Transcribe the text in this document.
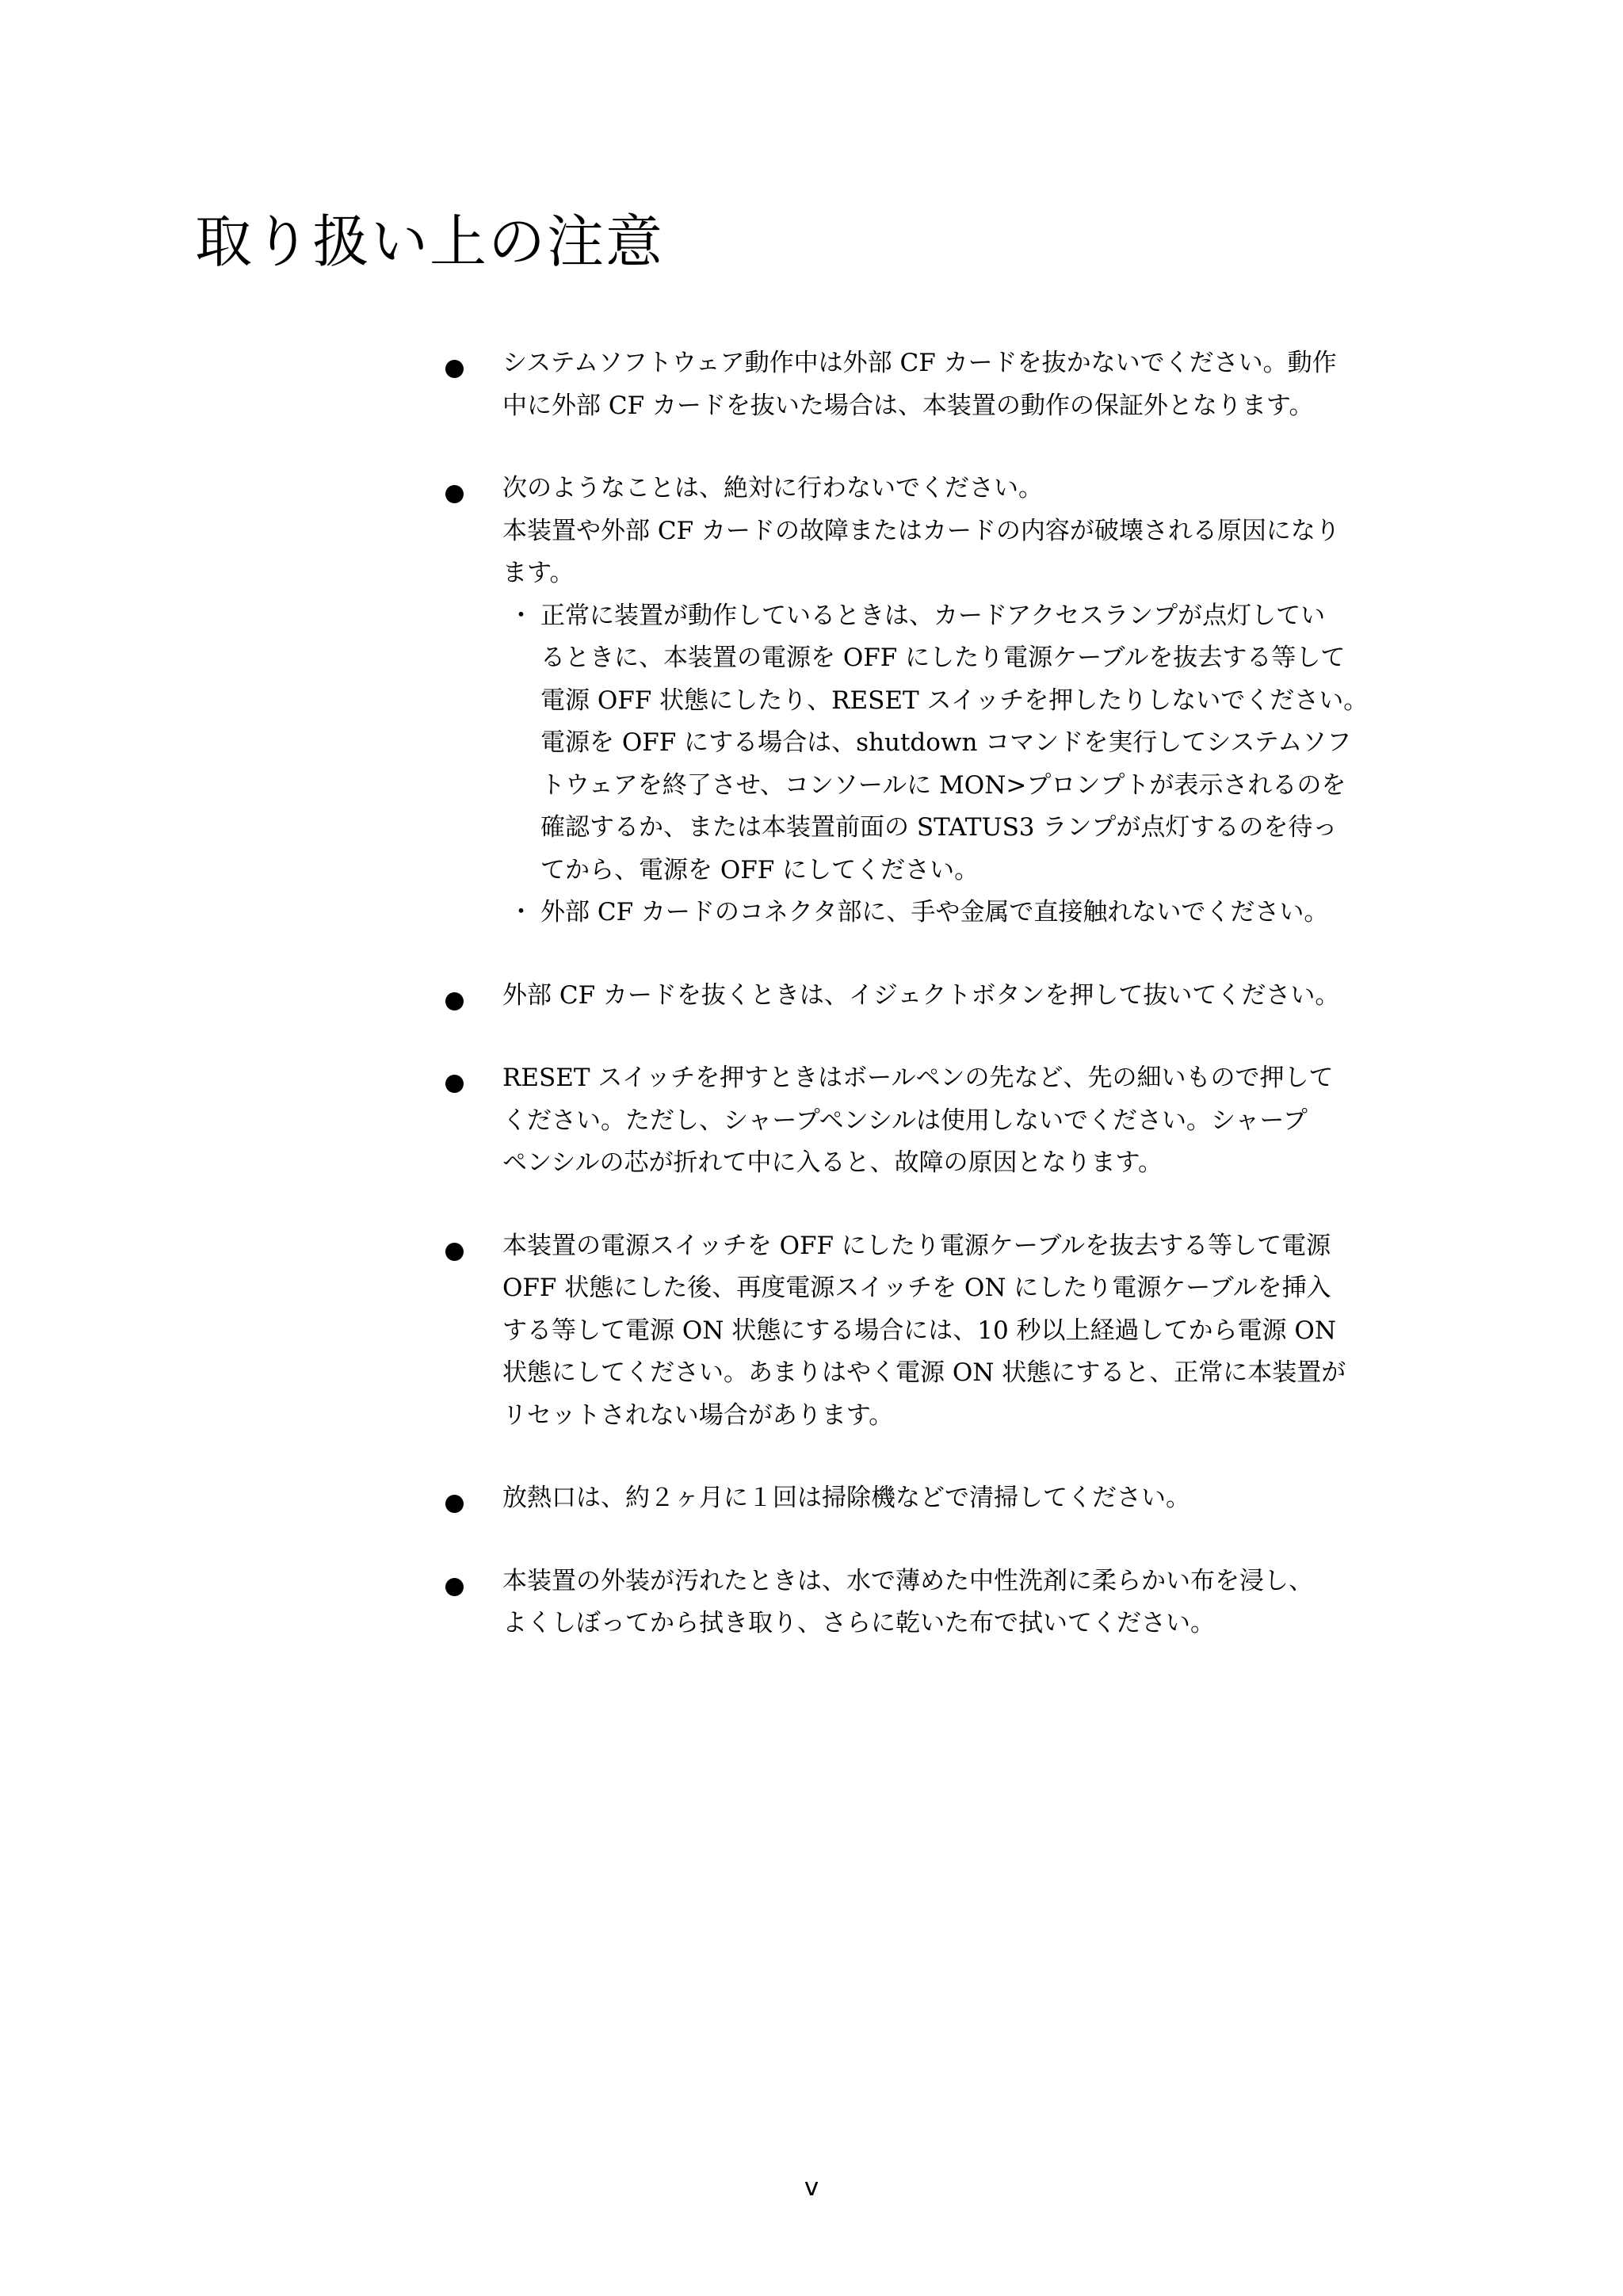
取り扱い上の注意
システムソフトウェア動作中は外部 CF カードを抜かないでください。動作
中に外部 CF カードを抜いた場合は、本装置の動作の保証外となります。
次のようなことは、絶対に行わないでください。
本装置や外部 CF カードの故障またはカードの内容が破壊される原因になり
ます。
・ 正常に装置が動作しているときは、カードアクセスランプが点灯してい
るときに、本装置の電源を OFF にしたり電源ケーブルを抜去する等して
電源 OFF 状態にしたり、RESET スイッチを押したりしないでください。
電源を OFF にする場合は、shutdown コマンドを実行してシステムソフ
トウェアを終了させ、コンソールに MON>プロンプトが表示されるのを
確認するか、または本装置前面の STATUS3 ランプが点灯するのを待っ
てから、電源を OFF にしてください。
・ 外部 CF カードのコネクタ部に、手や金属で直接触れないでください。
外部 CF カードを抜くときは、イジェクトボタンを押して抜いてください。
RESET スイッチを押すときはボールペンの先など、先の細いもので押して
ください。ただし、シャープペンシルは使用しないでください。シャープ
ペンシルの芯が折れて中に入ると、故障の原因となります。
本装置の電源スイッチを OFF にしたり電源ケーブルを抜去する等して電源
OFF 状態にした後、再度電源スイッチを ON にしたり電源ケーブルを挿入
する等して電源 ON 状態にする場合には、10 秒以上経過してから電源 ON
状態にしてください。あまりはやく電源 ON 状態にすると、正常に本装置が
リセットされない場合があります。
放熱口は、約２ヶ月に１回は掃除機などで清掃してください。
本装置の外装が汚れたときは、水で薄めた中性洗剤に柔らかい布を浸し、
よくしぼってから拭き取り、さらに乾いた布で拭いてください。
v
